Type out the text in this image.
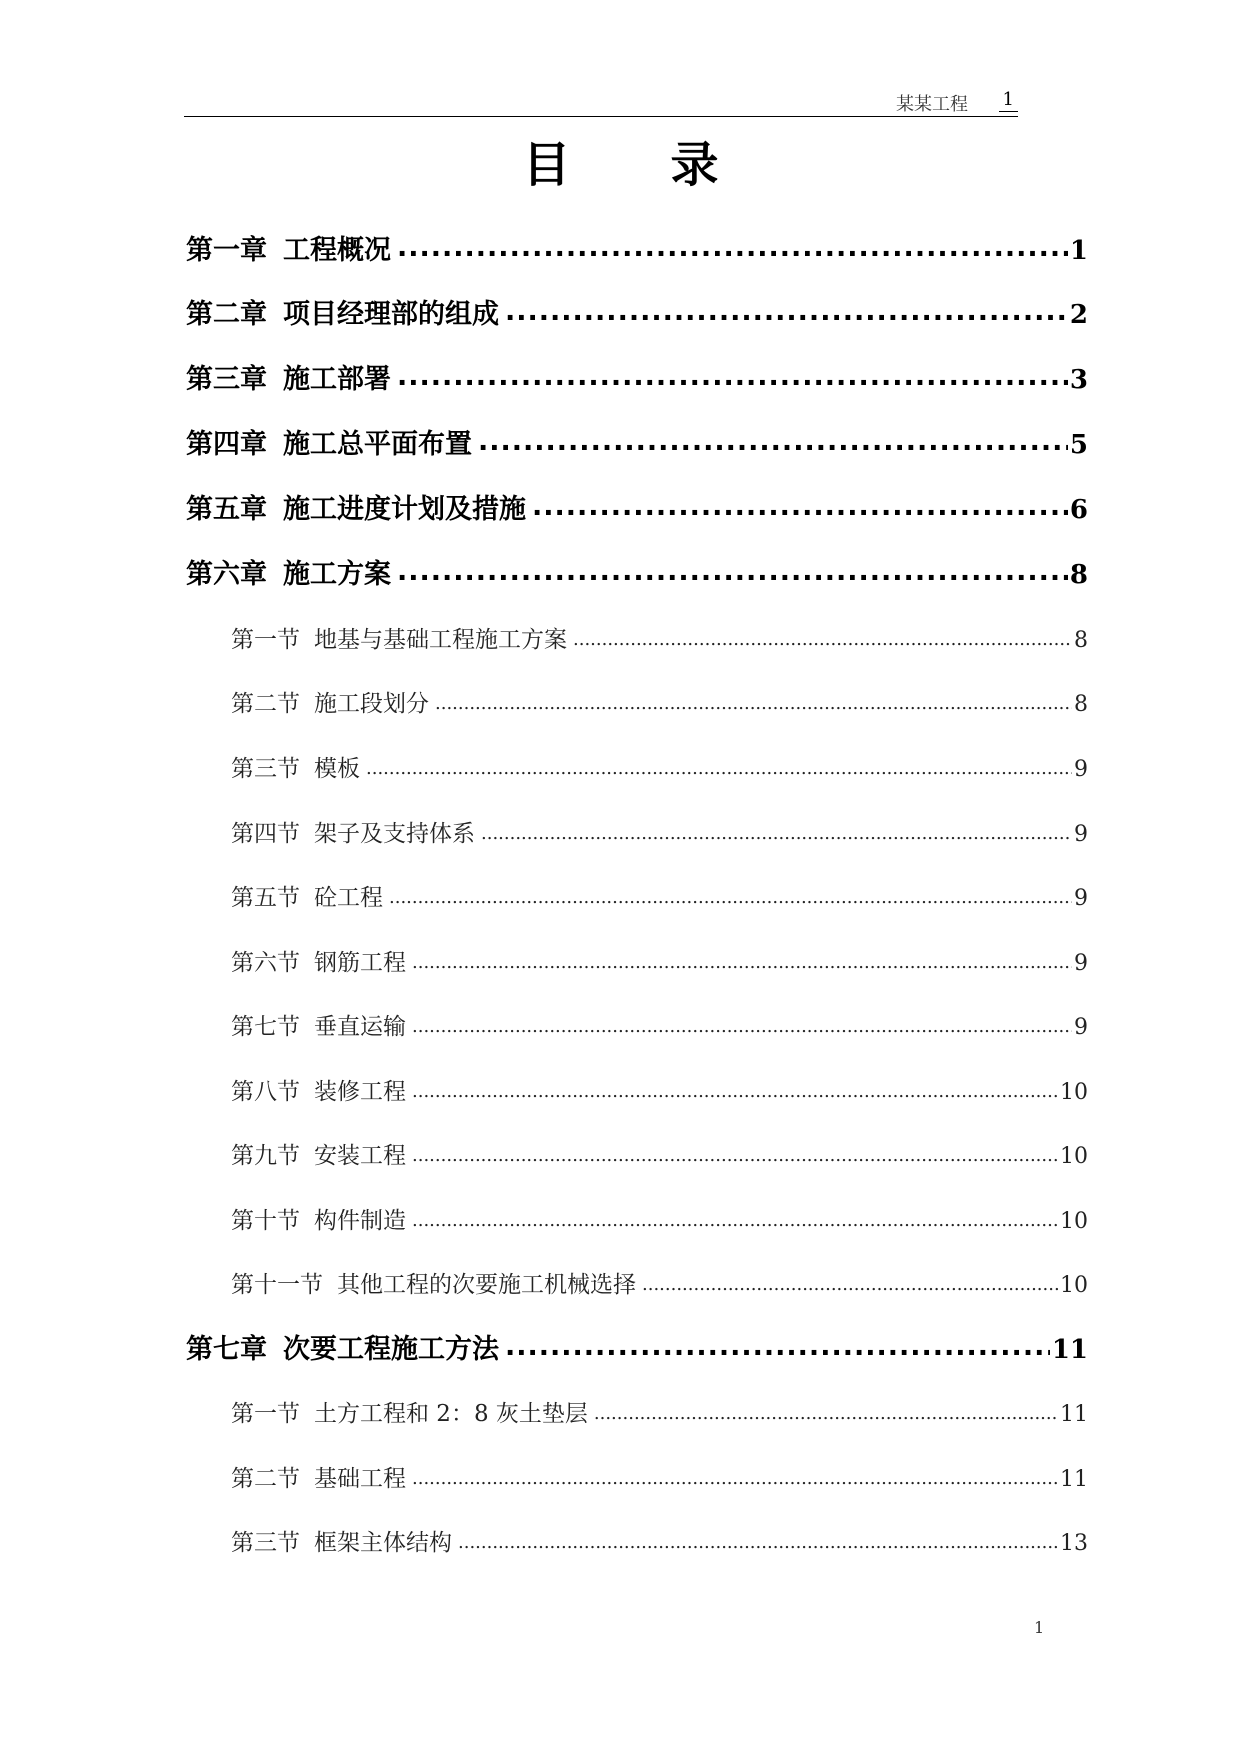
某某工程 1
目录
第一章 工程概况 .....	1
第二章 项目经理部的组成 .....	2
第三章 施工部署 .....	3
第四章 施工总平面布置 .....	5
第五章 施工进度计划及措施 .....	6
第六章 施工方案 .....	8
第一节 地基与基础工程施工方案 .....	8
第二节 施工段划分 .....	8
第三节 模板 .....	9
第四节 架子及支持体系 .....	9
第五节 砼工程 .....	9
第六节 钢筋工程 .....	9
第七节 垂直运输 .....	9
第八节 装修工程 .....	10
第九节 安装工程 .....	10
第十节 构件制造 .....	10
第十一节 其他工程的次要施工机械选择 .....	10
第七章 次要工程施工方法 .....	11
第一节 土方工程和 2：8 灰土垫层 .....	11
第二节 基础工程 .....	11
第三节 框架主体结构 .....	13
1
